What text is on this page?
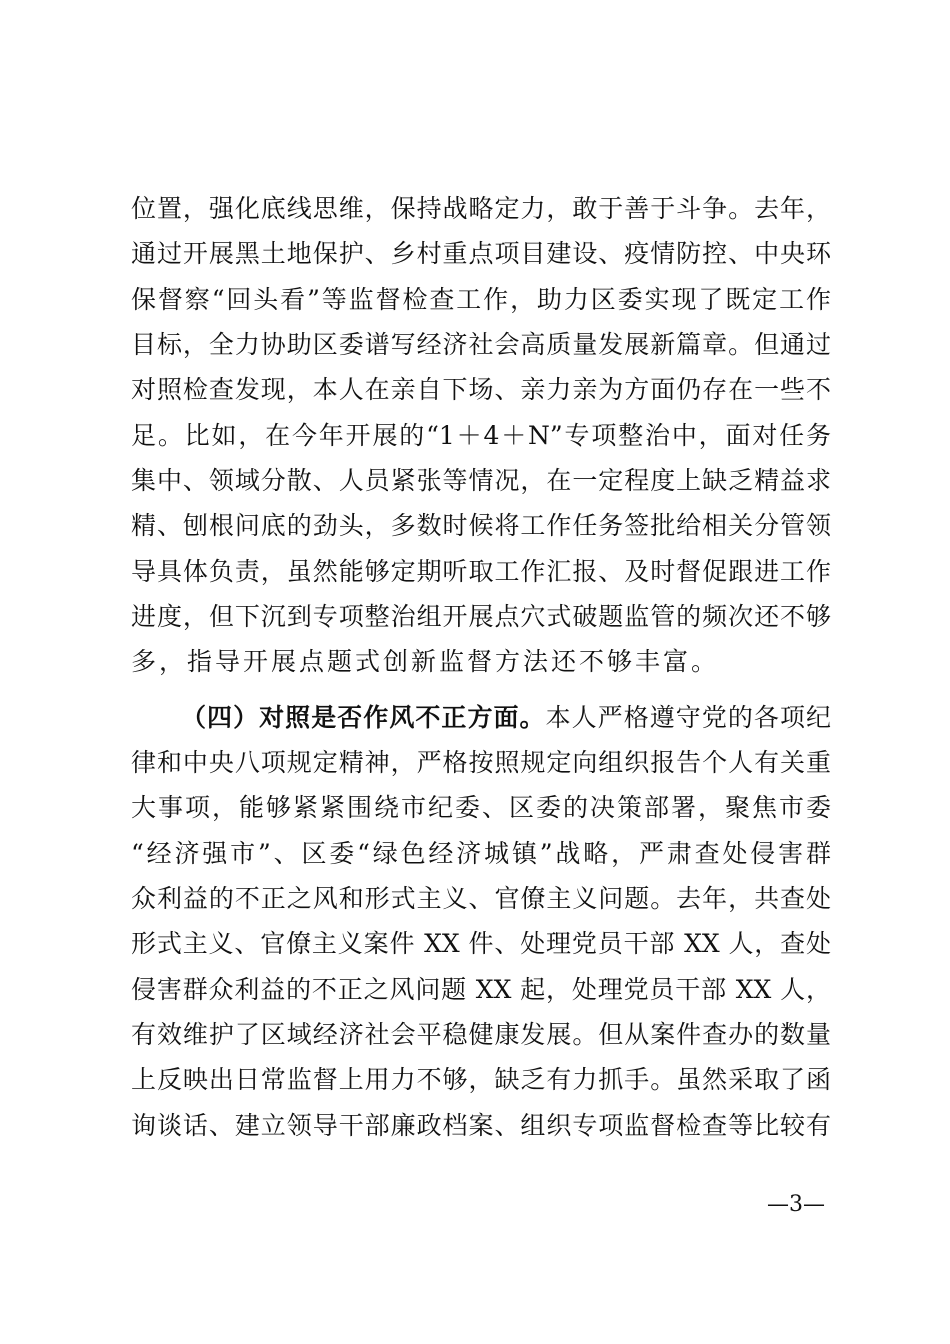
位置，强化底线思维，保持战略定力，敢于善于斗争。去年，
通过开展黑土地保护、乡村重点项目建设、疫情防控、中央环
保督察“回头看”等监督检查工作，助力区委实现了既定工作
目标，全力协助区委谱写经济社会高质量发展新篇章。但通过
对照检查发现，本人在亲自下场、亲力亲为方面仍存在一些不
足。比如，在今年开展的“1＋4＋N”专项整治中，面对任务
集中、领域分散、人员紧张等情况，在一定程度上缺乏精益求
精、刨根问底的劲头，多数时候将工作任务签批给相关分管领
导具体负责，虽然能够定期听取工作汇报、及时督促跟进工作
进度，但下沉到专项整治组开展点穴式破题监管的频次还不够
多，指导开展点题式创新监督方法还不够丰富。
（四）对照是否作风不正方面。本人严格遵守党的各项纪
律和中央八项规定精神，严格按照规定向组织报告个人有关重
大事项，能够紧紧围绕市纪委、区委的决策部署，聚焦市委
“经济强市”、区委“绿色经济城镇”战略，严肃查处侵害群
众利益的不正之风和形式主义、官僚主义问题。去年，共查处
形式主义、官僚主义案件 XX 件、处理党员干部 XX 人，查处
侵害群众利益的不正之风问题 XX 起，处理党员干部 XX 人，
有效维护了区域经济社会平稳健康发展。但从案件查办的数量
上反映出日常监督上用力不够，缺乏有力抓手。虽然采取了函
询谈话、建立领导干部廉政档案、组织专项监督检查等比较有
—3—
